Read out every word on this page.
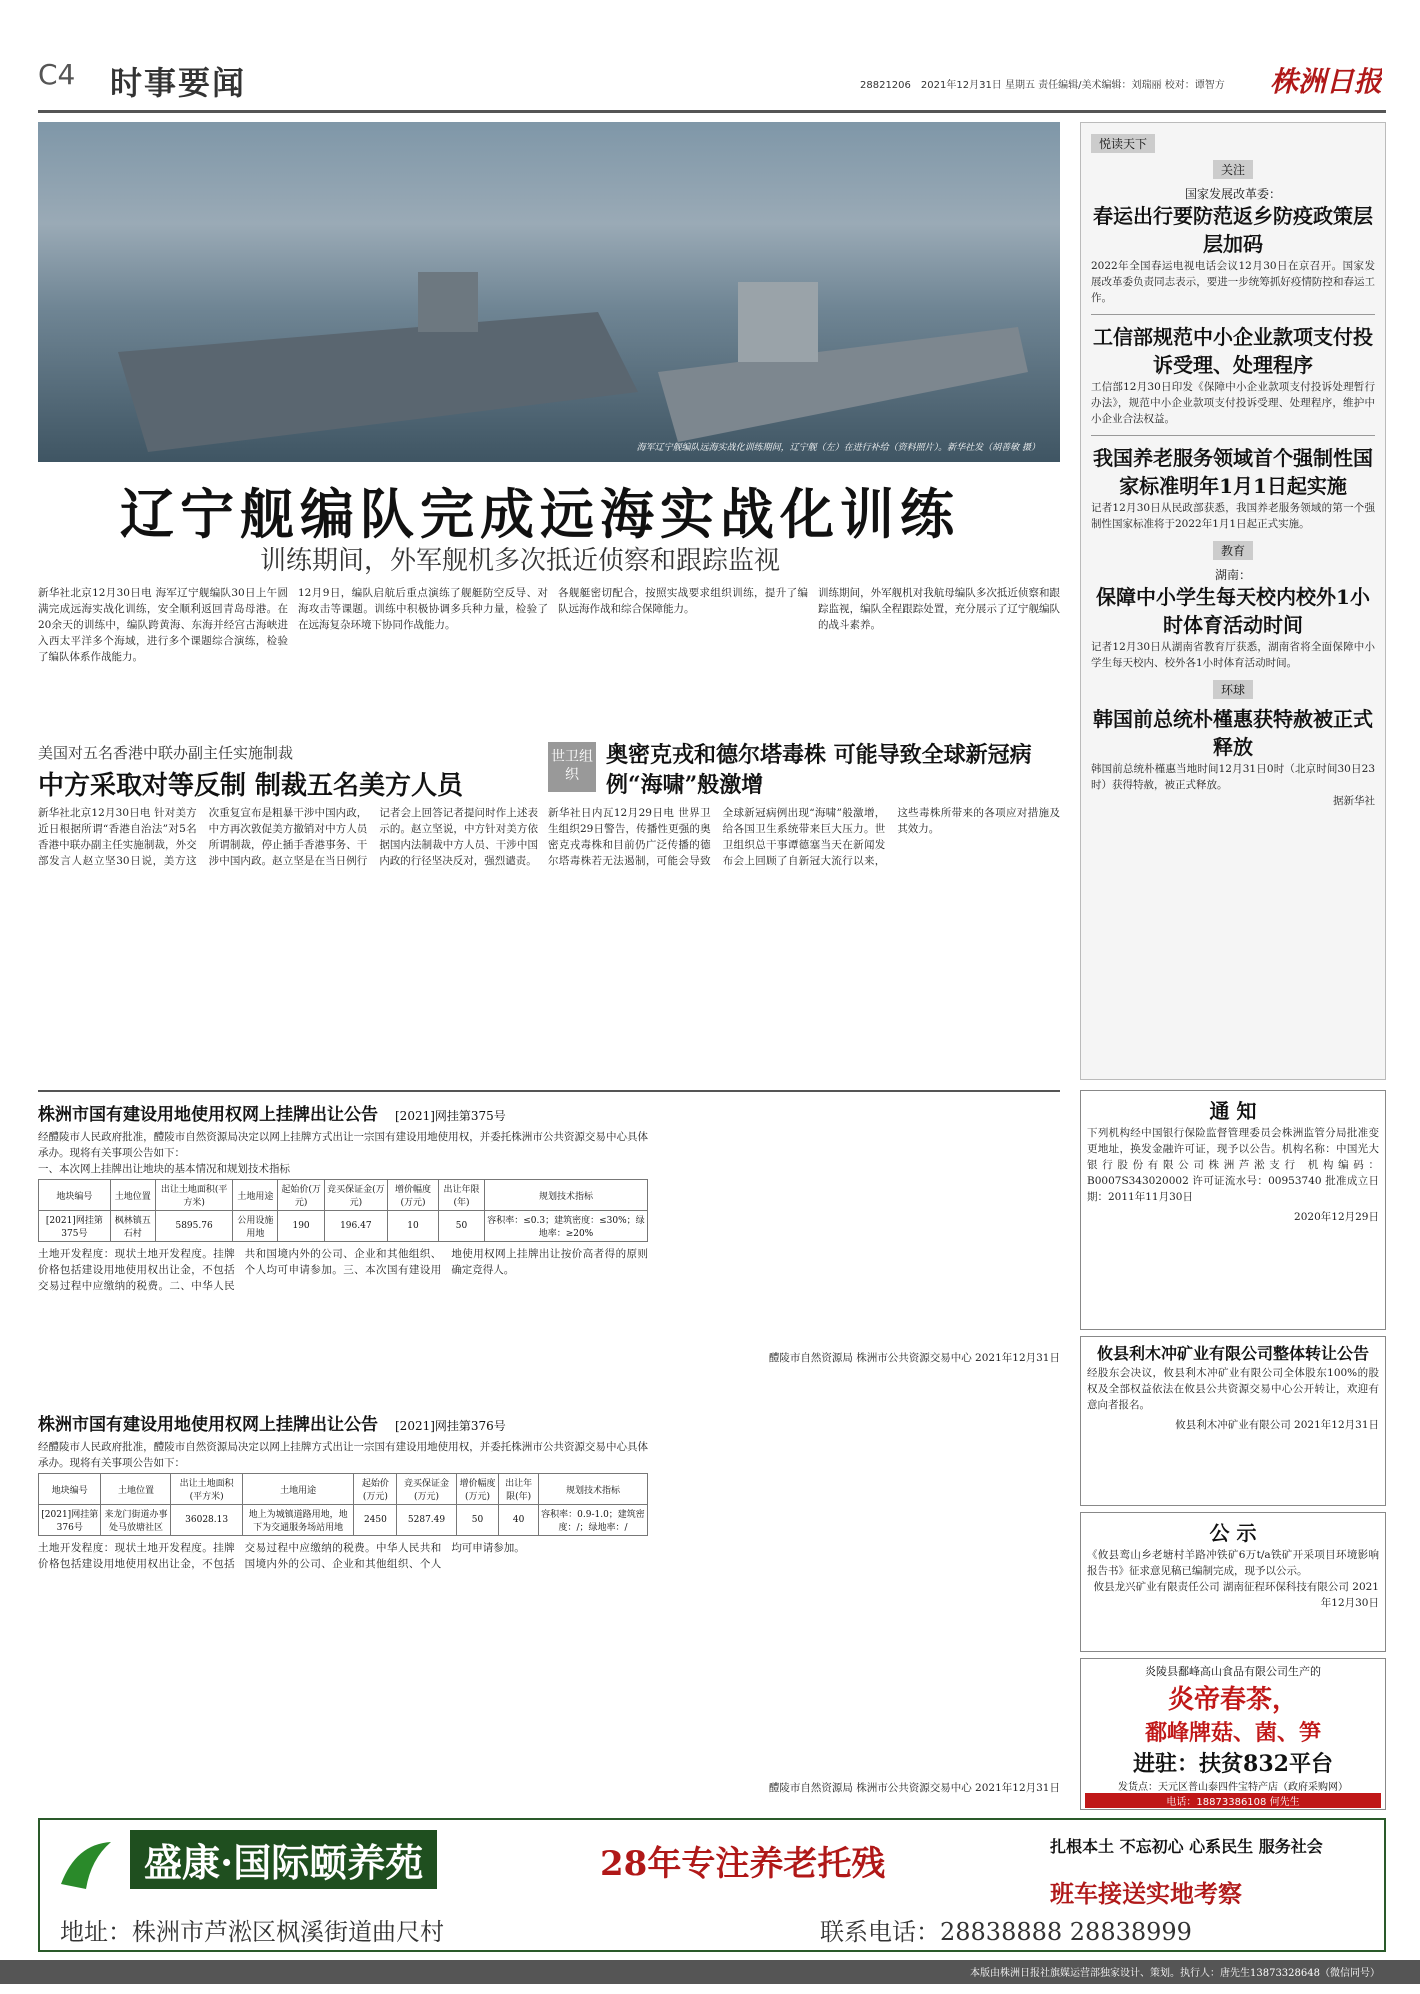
C4 时事要闻	28821206　 2021年12月31日 星期五 责任编辑/美术编辑：刘瑞丽 校对：谭智方 株洲日报
海军辽宁舰编队远海实战化训练期间，辽宁舰（左）在进行补给（资料照片）。新华社发（胡善敏 摄）
辽宁舰编队完成远海实战化训练
训练期间，外军舰机多次抵近侦察和跟踪监视
新华社北京12月30日电 海军辽宁舰编队30日上午圆满完成远海实战化训练，安全顺利返回青岛母港。在20余天的训练中，编队跨黄海、东海并经宫古海峡进入西太平洋多个海域，进行多个课题综合演练，检验了编队体系作战能力。
12月9日，编队启航后重点演练了舰艇防空反导、对海攻击等课题。训练中积极协调多兵种力量，检验了在远海复杂环境下协同作战能力。
各舰艇密切配合，按照实战要求组织训练，提升了编队远海作战和综合保障能力。
训练期间，外军舰机对我航母编队多次抵近侦察和跟踪监视，编队全程跟踪处置，充分展示了辽宁舰编队的战斗素养。
美国对五名香港中联办副主任实施制裁
中方采取对等反制 制裁五名美方人员
新华社北京12月30日电 针对美方近日根据所谓“香港自治法”对5名香港中联办副主任实施制裁，外交部发言人赵立坚30日说，美方这次重复宣布是粗暴干涉中国内政，中方再次敦促美方撤销对中方人员所谓制裁，停止插手香港事务、干涉中国内政。赵立坚是在当日例行记者会上回答记者提问时作上述表示的。赵立坚说，中方针对美方依据国内法制裁中方人员、干涉中国内政的行径坚决反对，强烈谴责。
世卫组织
奥密克戎和德尔塔毒株 可能导致全球新冠病例“海啸”般激增
新华社日内瓦12月29日电 世界卫生组织29日警告，传播性更强的奥密克戎毒株和目前仍广泛传播的德尔塔毒株若无法遏制，可能会导致全球新冠病例出现“海啸”般激增，给各国卫生系统带来巨大压力。世卫组织总干事谭德塞当天在新闻发布会上回顾了自新冠大流行以来，这些毒株所带来的各项应对措施及其效力。
株洲市国有建设用地使用权网上挂牌出让公告　 [2021]网挂第375号
经醴陵市人民政府批准，醴陵市自然资源局决定以网上挂牌方式出让一宗国有建设用地使用权，并委托株洲市公共资源交易中心具体承办。现将有关事项公告如下：
一、本次网上挂牌出让地块的基本情况和规划技术指标
地块编号	土地位置	出让土地面积(平方米)	土地用途	起始价(万元)	竞买保证金(万元)	增价幅度(万元)	出让年限(年)	规划技术指标
[2021]网挂第375号	枫林镇五石村	5895.76	公用设施用地	190	196.47	10	50	容积率：≤0.3；建筑密度：≤30%；绿地率：≥20%
土地开发程度：现状土地开发程度。挂牌价格包括建设用地使用权出让金，不包括交易过程中应缴纳的税费。二、中华人民共和国境内外的公司、企业和其他组织、个人均可申请参加。三、本次国有建设用地使用权网上挂牌出让按价高者得的原则确定竞得人。
醴陵市自然资源局 株洲市公共资源交易中心 2021年12月31日
株洲市国有建设用地使用权网上挂牌出让公告　 [2021]网挂第376号
经醴陵市人民政府批准，醴陵市自然资源局决定以网上挂牌方式出让一宗国有建设用地使用权，并委托株洲市公共资源交易中心具体承办。现将有关事项公告如下：
地块编号	土地位置	出让土地面积(平方米)	土地用途	起始价(万元)	竞买保证金(万元)	增价幅度(万元)	出让年限(年)	规划技术指标
[2021]网挂第376号	来龙门街道办事处马放塘社区	36028.13	地上为城镇道路用地，地下为交通服务场站用地	2450	5287.49	50	40	容积率：0.9-1.0；建筑密度：/；绿地率：/
土地开发程度：现状土地开发程度。挂牌价格包括建设用地使用权出让金，不包括交易过程中应缴纳的税费。中华人民共和国境内外的公司、企业和其他组织、个人均可申请参加。
醴陵市自然资源局 株洲市公共资源交易中心 2021年12月31日
悦读天下
关注
国家发展改革委：
春运出行要防范返乡防疫政策层层加码
2022年全国春运电视电话会议12月30日在京召开。国家发展改革委负责同志表示，要进一步统筹抓好疫情防控和春运工作。
工信部规范中小企业款项支付投诉受理、处理程序
工信部12月30日印发《保障中小企业款项支付投诉处理暂行办法》，规范中小企业款项支付投诉受理、处理程序，维护中小企业合法权益。
我国养老服务领域首个强制性国家标准明年1月1日起实施
记者12月30日从民政部获悉，我国养老服务领域的第一个强制性国家标准将于2022年1月1日起正式实施。
教育
湖南：
保障中小学生每天校内校外1小时体育活动时间
记者12月30日从湖南省教育厅获悉，湖南省将全面保障中小学生每天校内、校外各1小时体育活动时间。
环球
韩国前总统朴槿惠获特赦被正式释放
韩国前总统朴槿惠当地时间12月31日0时（北京时间30日23时）获得特赦，被正式释放。
据新华社
通 知
下列机构经中国银行保险监督管理委员会株洲监管分局批准变更地址，换发金融许可证，现予以公告。机构名称：中国光大银行股份有限公司株洲芦淞支行 机构编码：B0007S343020002 许可证流水号：00953740 批准成立日期：2011年11月30日
2020年12月29日
攸县利木冲矿业有限公司整体转让公告
经股东会决议，攸县利木冲矿业有限公司全体股东100%的股权及全部权益依法在攸县公共资源交易中心公开转让，欢迎有意向者报名。
攸县利木冲矿业有限公司 2021年12月31日
公 示
《攸县鸾山乡老塘村羊路冲铁矿6万t/a铁矿开采项目环境影响报告书》征求意见稿已编制完成，现予以公示。
攸县龙兴矿业有限责任公司 湖南征程环保科技有限公司 2021年12月30日
炎陵县鄱峰高山食品有限公司生产的
炎帝春茶，
鄱峰牌菇、菌、笋
进驻：扶贫832平台
发货点：天元区普山泰四件宝特产店（政府采购网）
电话：18873386108 何先生
盛康·国际颐养苑	28年专注养老托残
班车接送实地考察
扎根本土 不忘初心 心系民生 服务社会
地址：株洲市芦淞区枫溪街道曲尺村	联系电话：28838888 28838999
本版由株洲日报社旗媒运营部独家设计、策划。执行人：唐先生13873328648（微信同号）
